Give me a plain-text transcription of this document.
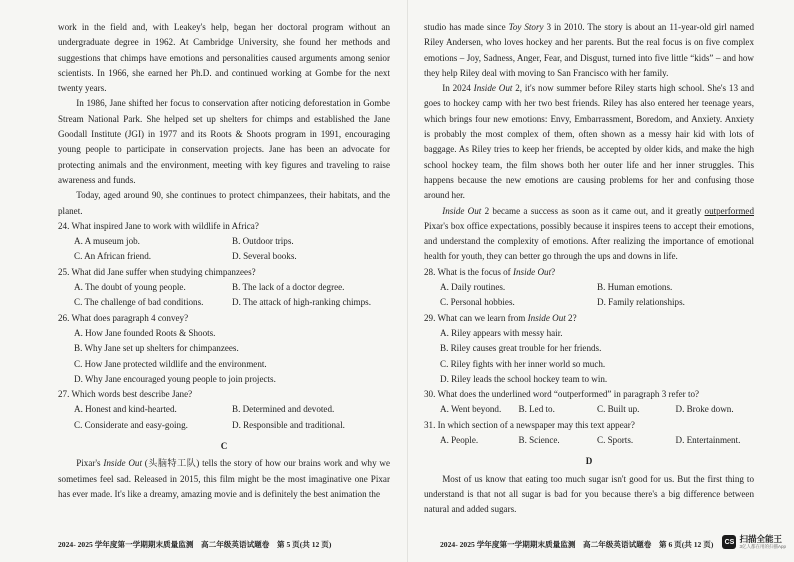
work in the field and, with Leakey's help, began her doctoral program without an undergraduate degree in 1962. At Cambridge University, she found her methods and suggestions that chimps have emotions and personalities caused arguments among senior scientists. In 1966, she earned her Ph.D. and continued working at Gombe for the next twenty years.

In 1986, Jane shifted her focus to conservation after noticing deforestation in Gombe Stream National Park. She helped set up shelters for chimps and established the Jane Goodall Institute (JGI) in 1977 and its Roots & Shoots program in 1991, encouraging young people to participate in conservation projects. Jane has been an advocate for protecting animals and the environment, meeting with key figures and traveling to raise awareness and funds.

Today, aged around 90, she continues to protect chimpanzees, their habitats, and the planet.

24. What inspired Jane to work with wildlife in Africa?

A. A museum job.	B. Outdoor trips.
C. An African friend.	D. Several books.

25. What did Jane suffer when studying chimpanzees?

A. The doubt of young people.	B. The lack of a doctor degree.
C. The challenge of bad conditions.	D. The attack of high-ranking chimps.

26. What does paragraph 4 convey?

A. How Jane founded Roots & Shoots.
B. Why Jane set up shelters for chimpanzees.
C. How Jane protected wildlife and the environment.
D. Why Jane encouraged young people to join projects.

27. Which words best describe Jane?

A. Honest and kind-hearted.	B. Determined and devoted.
C. Considerate and easy-going.	D. Responsible and traditional.
C

Pixar's Inside Out (头脑特工队) tells the story of how our brains work and why we sometimes feel sad. Released in 2015, this film might be the most imaginative one Pixar has ever made. It's like a dreamy, amazing movie and is definitely the best animation the

2024- 2025 学年度第一学期期末质量监测　高二年级英语试题卷　第 5 页(共 12 页)

studio has made since Toy Story 3 in 2010. The story is about an 11-year-old girl named Riley Andersen, who loves hockey and her parents. But the real focus is on five complex emotions – Joy, Sadness, Anger, Fear, and Disgust, turned into five little “kids” – and how they help Riley deal with moving to San Francisco with her family.

In 2024 Inside Out 2, it's now summer before Riley starts high school. She's 13 and goes to hockey camp with her two best friends. Riley has also entered her teenage years, which brings four new emotions: Envy, Embarrassment, Boredom, and Anxiety. Anxiety is probably the most complex of them, often shown as a messy hair kid with lots of baggage. As Riley tries to keep her friends, be accepted by older kids, and make the high school hockey team, the film shows both her outer life and her inner struggles. This happens because the new emotions are causing problems for her and confusing those around her.

Inside Out 2 became a success as soon as it came out, and it greatly outperformed Pixar's box office expectations, possibly because it inspires teens to accept their emotions, and understand the complexity of emotions. After realizing the importance of emotional health for youth, they can better go through the ups and downs in life.

28. What is the focus of Inside Out?

A. Daily routines.	B. Human emotions.
C. Personal hobbies.	D. Family relationships.

29. What can we learn from Inside Out 2?

A. Riley appears with messy hair.
B. Riley causes great trouble for her friends.
C. Riley fights with her inner world so much.
D. Riley leads the school hockey team to win.

30. What does the underlined word “outperformed” in paragraph 3 refer to?

A. Went beyond.	B. Led to.	C. Built up.	D. Broke down.

31. In which section of a newspaper may this text appear?

A. People.	B. Science.	C. Sports.	D. Entertainment.
D

Most of us know that eating too much sugar isn't good for us. But the first thing to understand is that not all sugar is bad for you because there's a big difference between natural and added sugars.

2024- 2025 学年度第一学期期末质量监测　高二年级英语试题卷　第 6 页(共 12 页)	CS 扫描全能王
3亿人都在用的扫描App
